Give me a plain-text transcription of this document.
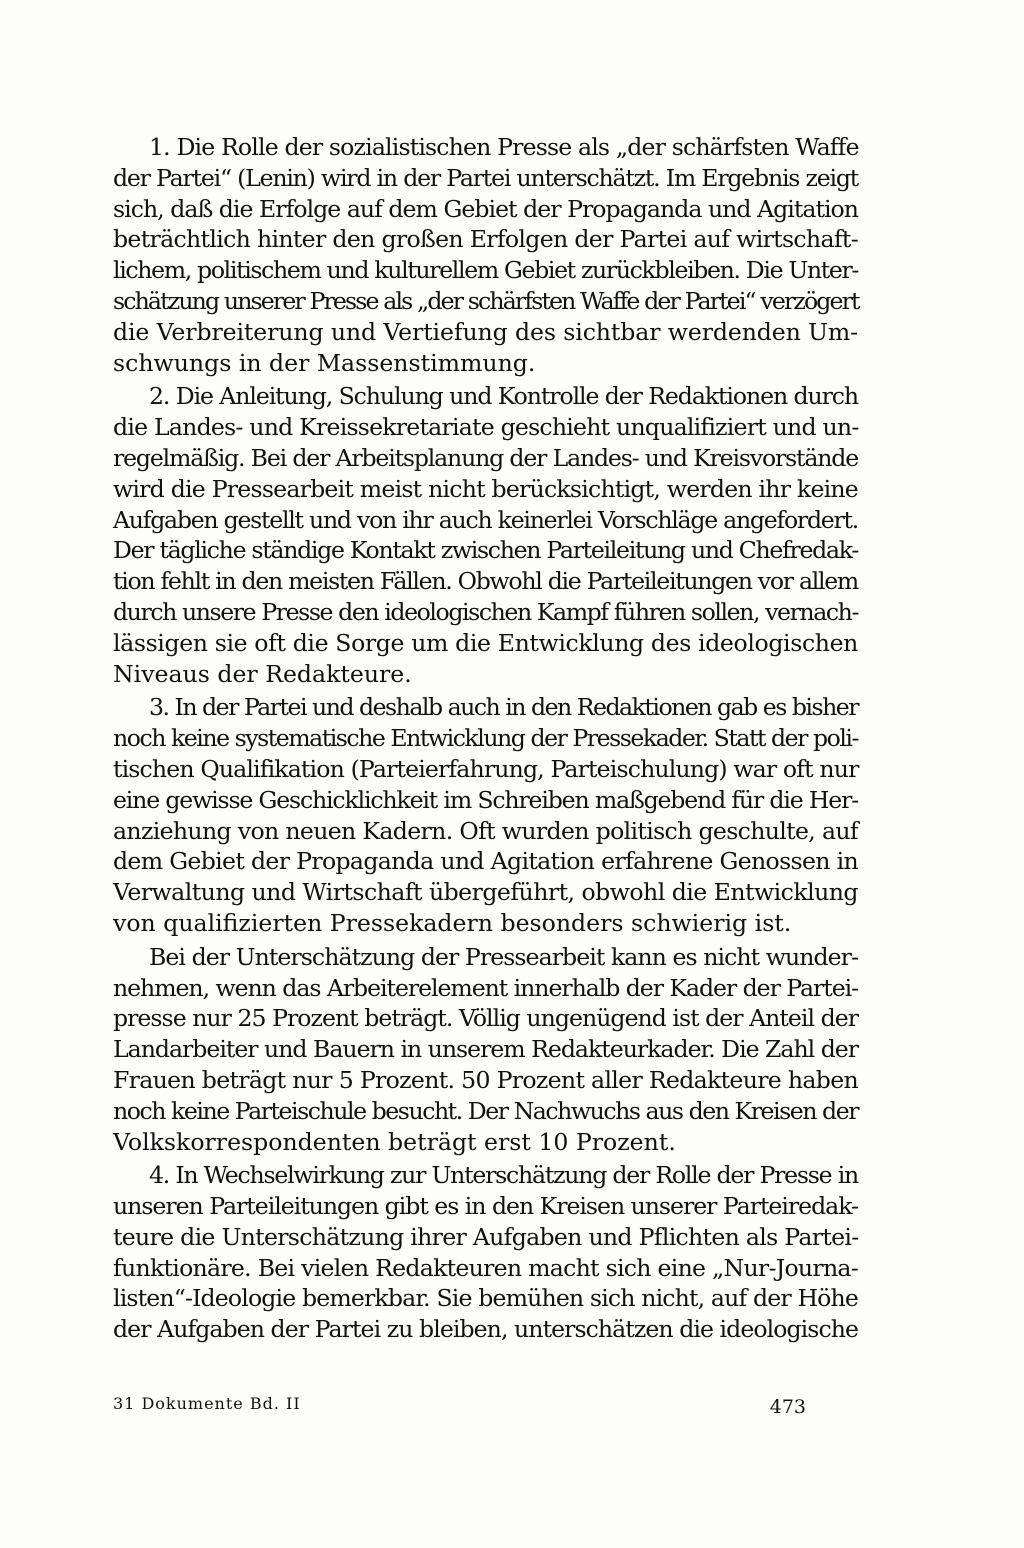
1. Die Rolle der sozialistischen Presse als „der schärfsten Waffe
der Partei“ (Lenin) wird in der Partei unterschätzt. Im Ergebnis zeigt
sich, daß die Erfolge auf dem Gebiet der Propaganda und Agitation
beträchtlich hinter den großen Erfolgen der Partei auf wirtschaft-
lichem, politischem und kulturellem Gebiet zurückbleiben. Die Unter-
schätzung unserer Presse als „der schärfsten Waffe der Partei“ verzögert
die Verbreiterung und Vertiefung des sichtbar werdenden Um-
schwungs in der Massenstimmung.
2. Die Anleitung, Schulung und Kontrolle der Redaktionen durch
die Landes- und Kreissekretariate geschieht unqualifiziert und un-
regelmäßig. Bei der Arbeitsplanung der Landes- und Kreisvorstände
wird die Pressearbeit meist nicht berücksichtigt, werden ihr keine
Aufgaben gestellt und von ihr auch keinerlei Vorschläge angefordert.
Der tägliche ständige Kontakt zwischen Parteileitung und Chefredak-
tion fehlt in den meisten Fällen. Obwohl die Parteileitungen vor allem
durch unsere Presse den ideologischen Kampf führen sollen, vernach-
lässigen sie oft die Sorge um die Entwicklung des ideologischen
Niveaus der Redakteure.
3. In der Partei und deshalb auch in den Redaktionen gab es bisher
noch keine systematische Entwicklung der Pressekader. Statt der poli-
tischen Qualifikation (Parteierfahrung, Parteischulung) war oft nur
eine gewisse Geschicklichkeit im Schreiben maßgebend für die Her-
anziehung von neuen Kadern. Oft wurden politisch geschulte, auf
dem Gebiet der Propaganda und Agitation erfahrene Genossen in
Verwaltung und Wirtschaft übergeführt, obwohl die Entwicklung
von qualifizierten Pressekadern besonders schwierig ist.
Bei der Unterschätzung der Pressearbeit kann es nicht wunder-
nehmen, wenn das Arbeiterelement innerhalb der Kader der Partei-
presse nur 25 Prozent beträgt. Völlig ungenügend ist der Anteil der
Landarbeiter und Bauern in unserem Redakteurkader. Die Zahl der
Frauen beträgt nur 5 Prozent. 50 Prozent aller Redakteure haben
noch keine Parteischule besucht. Der Nachwuchs aus den Kreisen der
Volkskorrespondenten beträgt erst 10 Prozent.
4. In Wechselwirkung zur Unterschätzung der Rolle der Presse in
unseren Parteileitungen gibt es in den Kreisen unserer Parteiredak-
teure die Unterschätzung ihrer Aufgaben und Pflichten als Partei-
funktionäre. Bei vielen Redakteuren macht sich eine „Nur-Journa-
listen“-Ideologie bemerkbar. Sie bemühen sich nicht, auf der Höhe
der Aufgaben der Partei zu bleiben, unterschätzen die ideologische
31 Dokumente Bd. II	473
